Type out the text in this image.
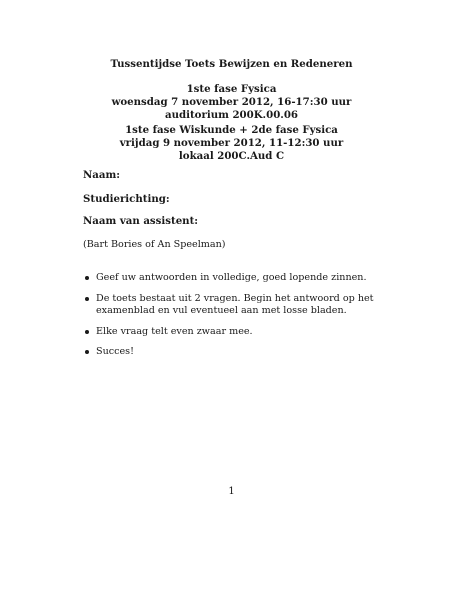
Tussentijdse Toets Bewijzen en Redeneren
1ste fase Fysica
woensdag 7 november 2012, 16-17:30 uur
auditorium 200K.00.06
1ste fase Wiskunde + 2de fase Fysica
vrijdag 9 november 2012, 11-12:30 uur
lokaal 200C.Aud C
Naam:
Studierichting:
Naam van assistent:
(Bart Bories of An Speelman)
Geef uw antwoorden in volledige, goed lopende zinnen.
De toets bestaat uit 2 vragen. Begin het antwoord op het examenblad en vul eventueel aan met losse bladen.
Elke vraag telt even zwaar mee.
Succes!
1
